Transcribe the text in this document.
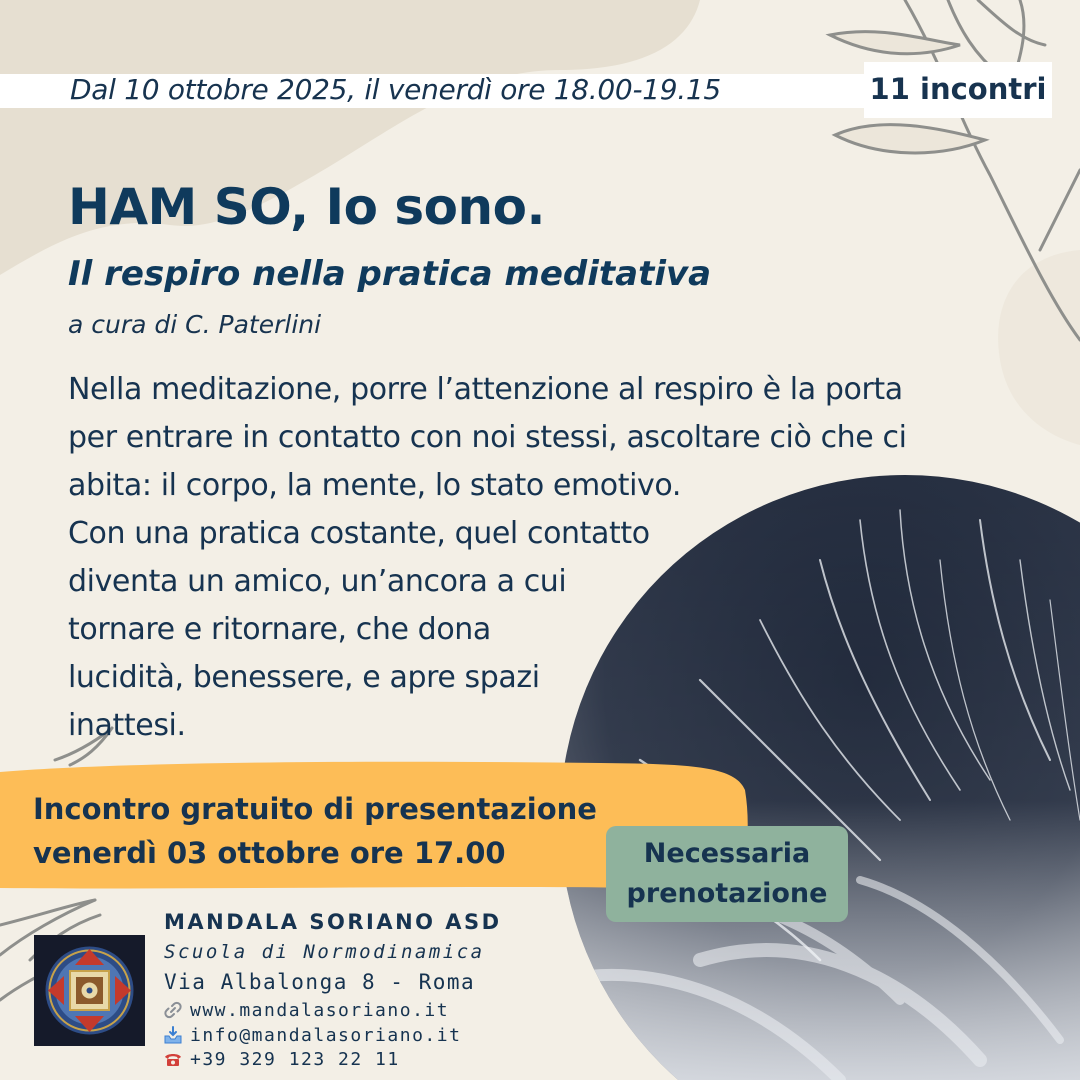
Dal 10 ottobre 2025, il venerdì ore 18.00-19.15	11 incontri
HAM SO, Io sono.
Il respiro nella pratica meditativa
a cura di C. Paterlini
Nella meditazione, porre l’attenzione al respiro è la porta
per entrare in contatto con noi stessi, ascoltare ciò che ci
abita: il corpo, la mente, lo stato emotivo.
Con una pratica costante, quel contatto
diventa un amico, un’ancora a cui
tornare e ritornare, che dona
lucidità, benessere, e apre spazi
inattesi.
Incontro gratuito di presentazione
venerdì 03 ottobre ore 17.00	Necessaria
prenotazione
MANDALA SORIANO ASD
Scuola di Normodinamica
Via Albalonga 8 - Roma
www.mandalasoriano.it
info@mandalasoriano.it
+39 329 123 22 11
